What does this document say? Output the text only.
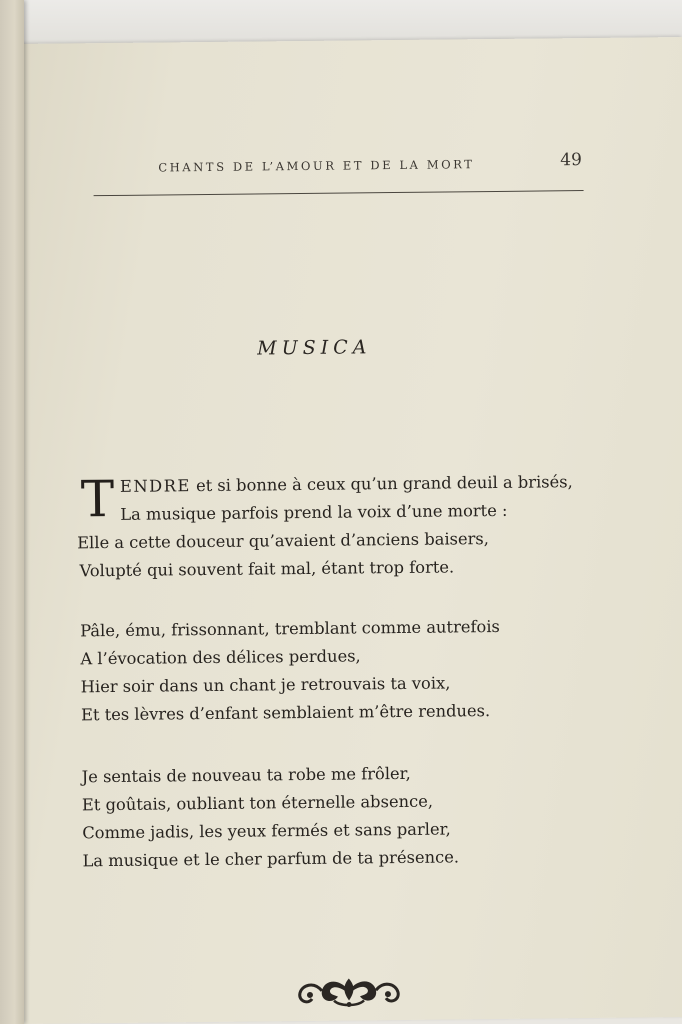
CHANTS DE L’AMOUR ET DE LA MORT	49
MUSICA
T ENDRE et si bonne à ceux qu’un grand deuil a brisés,
La musique parfois prend la voix d’une morte :
Elle a cette douceur qu’avaient d’anciens baisers,
Volupté qui souvent fait mal, étant trop forte.
Pâle, ému, frissonnant, tremblant comme autrefois
A l’évocation des délices perdues,
Hier soir dans un chant je retrouvais ta voix,
Et tes lèvres d’enfant semblaient m’être rendues.
Je sentais de nouveau ta robe me frôler,
Et goûtais, oubliant ton éternelle absence,
Comme jadis, les yeux fermés et sans parler,
La musique et le cher parfum de ta présence.
